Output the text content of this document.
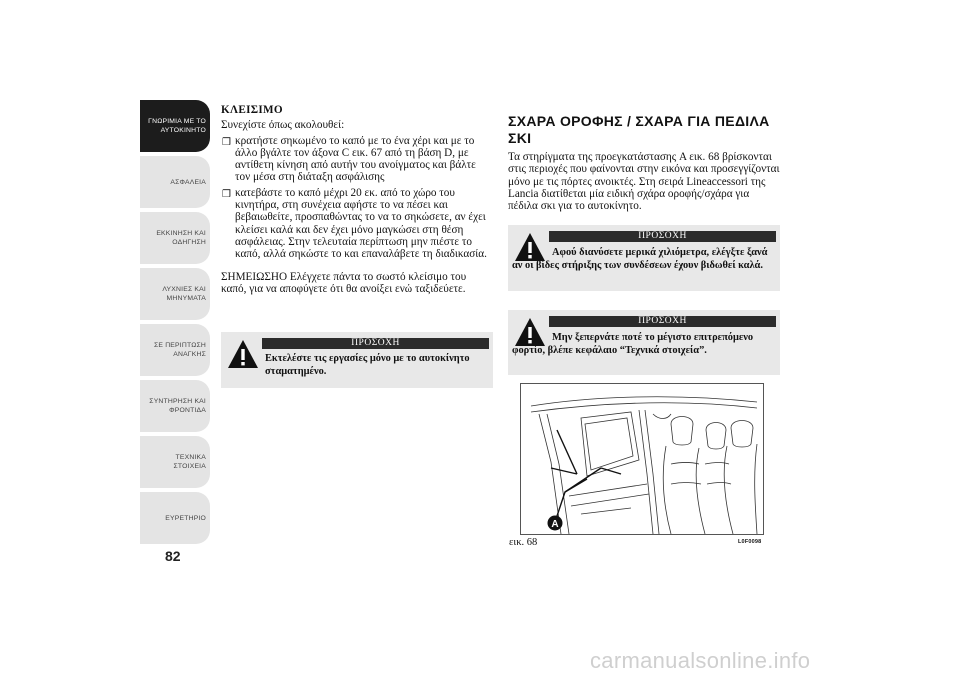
ΓΝΩΡΙΜΙΑ ΜΕ ΤΟ
ΑΥΤΟΚΙΝΗΤΟ
ΑΣΦΑΛΕΙΑ
ΕΚΚΙΝΗΣΗ ΚΑΙ
ΟΔΗΓΗΣΗ
ΛΥΧΝΙΕΣ ΚΑΙ
ΜΗΝΥΜΑΤΑ
ΣΕ ΠΕΡΙΠΤΩΣΗ
ΑΝΑΓΚΗΣ
ΣΥΝΤΗΡΗΣΗ ΚΑΙ
ΦΡΟΝΤΙΔΑ
ΤΕΧΝΙΚΑ ΣΤΟΙΧΕΙΑ
ΕΥΡΕΤΗΡΙΟ
82
ΚΛΕΙΣΙΜΟ
Συνεχίστε όπως ακολουθεί:
❒ κρατήστε σηκωμένο το καπό με το ένα χέρι και με το άλλο βγάλτε τον άξονα C εικ. 67 από τη βάση D, με αντίθετη κίνηση από αυτήν του ανοίγματος και βάλτε τον μέσα στη διάταξη ασφάλισης
❒ κατεβάστε το καπό μέχρι 20 εκ. από το χώρο του κινητήρα, στη συνέχεια αφήστε το να πέσει και βεβαιωθείτε, προσπαθώντας το να το σηκώσετε, αν έχει κλείσει καλά και δεν έχει μόνο μαγκώσει στη θέση ασφάλειας. Στην τελευταία περίπτωση μην πιέστε το καπό, αλλά σηκώστε το και επαναλάβετε τη διαδικασία.
ΣΗΜΕΙΩΣΗΟ Ελέγχετε πάντα το σωστό κλείσιμο του καπό, για να αποφύγετε ότι θα ανοίξει ενώ ταξιδεύετε.
ΠΡΟΣΟΧΗ
Εκτελέστε τις εργασίες μόνο με το αυτοκίνητο σταματημένο.
ΣΧΑΡΑ ΟΡΟΦΗΣ / ΣΧΑΡΑ ΓΙΑ ΠΕΔΙΛΑ ΣΚΙ
Τα στηρίγματα της προεγκατάστασης A εικ. 68 βρίσκονται στις περιοχές που φαίνονται στην εικόνα και προσεγγίζονται μόνο με τις πόρτες ανοικτές. Στη σειρά Lineaccessori της Lancia διατίθεται μία ειδική σχάρα οροφής/σχάρα για πέδιλα σκι για το αυτοκίνητο.
ΠΡΟΣΟΧΗ
Αφού διανύσετε μερικά χιλιόμετρα, ελέγξτε ξανά αν οι βίδες στήριξης των συνδέσεων έχουν βιδωθεί καλά.
ΠΡΟΣΟΧΗ
Μην ξεπερνάτε ποτέ το μέγιστο επιτρεπόμενο φορτίο, βλέπε κεφάλαιο “Τεχνικά στοιχεία”.
A
εικ. 68	L0F0098
carmanualsonline.info
